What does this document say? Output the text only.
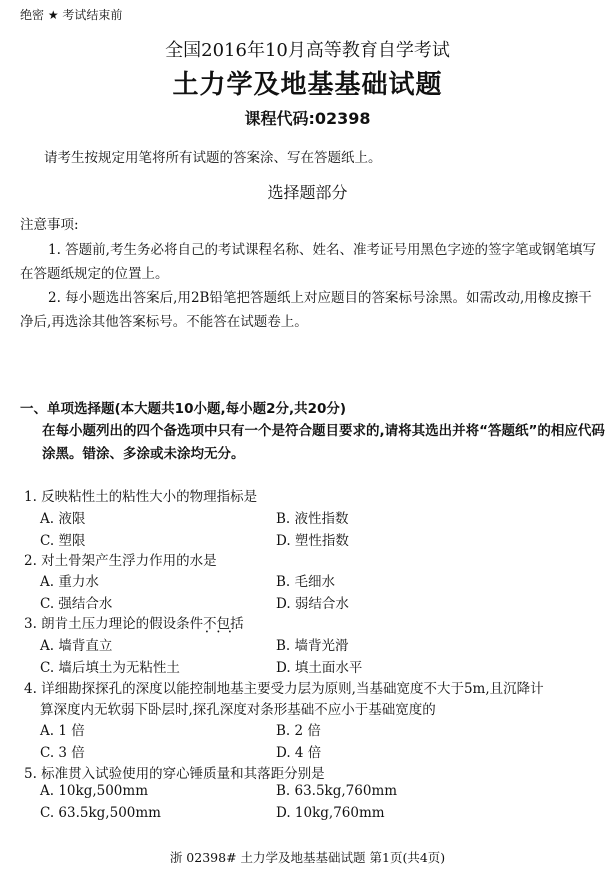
绝密 ★ 考试结束前
全国2016年10月高等教育自学考试
土力学及地基基础试题
课程代码:02398
请考生按规定用笔将所有试题的答案涂、写在答题纸上。
选择题部分
注意事项:
1. 答题前,考生务必将自己的考试课程名称、姓名、准考证号用黑色字迹的签字笔或钢笔填写在答题纸规定的位置上。
2. 每小题选出答案后,用2B铅笔把答题纸上对应题目的答案标号涂黑。如需改动,用橡皮擦干净后,再选涂其他答案标号。不能答在试题卷上。
一、单项选择题(本大题共10小题,每小题2分,共20分)
在每小题列出的四个备选项中只有一个是符合题目要求的,请将其选出并将“答题纸”的相应代码涂黑。错涂、多涂或未涂均无分。
1. 反映粘性土的粘性大小的物理指标是
A. 液限	B. 液性指数
C. 塑限	D. 塑性指数
2. 对土骨架产生浮力作用的水是
A. 重力水	B. 毛细水
C. 强结合水	D. 弱结合水
3. 朗肯土压力理论的假设条件不包括 • • •
A. 墙背直立	B. 墙背光滑
C. 墙后填土为无粘性土	D. 填土面水平
4. 详细勘探探孔的深度以能控制地基主要受力层为原则,当基础宽度不大于5m,且沉降计
算深度内无软弱下卧层时,探孔深度对条形基础不应小于基础宽度的
A. 1 倍	B. 2 倍
C. 3 倍	D. 4 倍
5. 标准贯入试验使用的穿心锤质量和其落距分别是
A. 10kg,500mm	B. 63.5kg,760mm
C. 63.5kg,500mm	D. 10kg,760mm
浙 02398# 土力学及地基基础试题 第1页(共4页)
